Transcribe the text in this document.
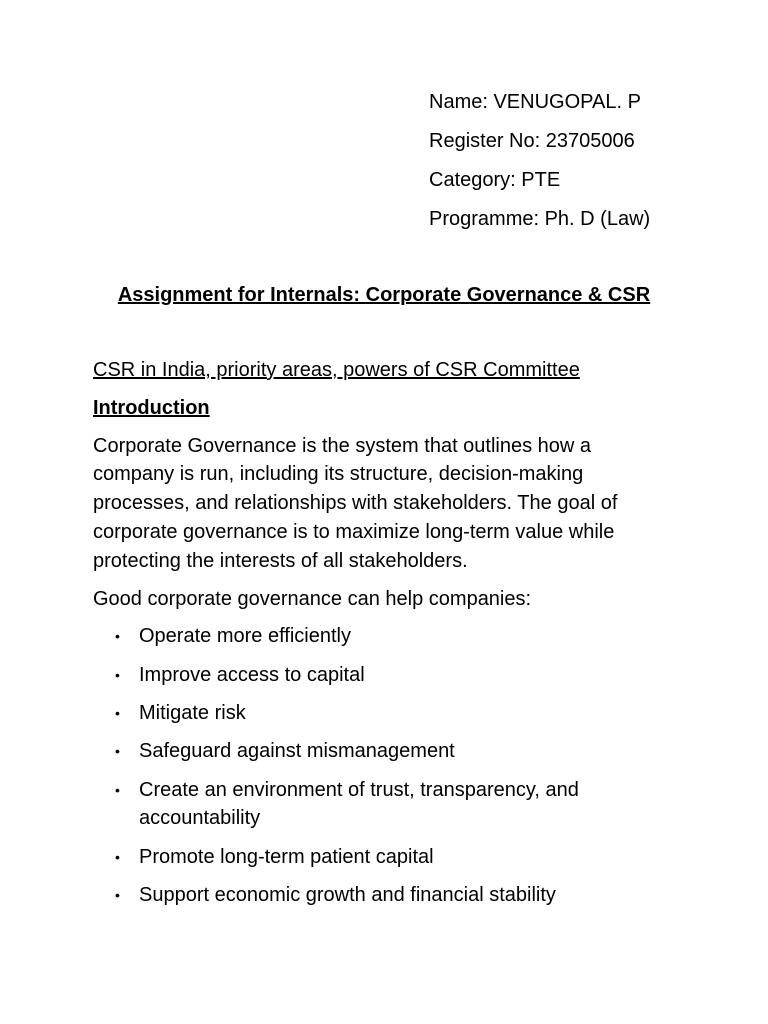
Name: VENUGOPAL. P
Register No: 23705006
Category: PTE
Programme: Ph. D (Law)
Assignment for Internals: Corporate Governance & CSR
CSR in India, priority areas, powers of CSR Committee
Introduction

Corporate Governance is the system that outlines how a company is run, including its structure, decision-making processes, and relationships with stakeholders. The goal of corporate governance is to maximize long-term value while protecting the interests of all stakeholders.

Good corporate governance can help companies:

• Operate more efficiently
• Improve access to capital
• Mitigate risk
• Safeguard against mismanagement
• Create an environment of trust, transparency, and accountability
• Promote long-term patient capital
• Support economic growth and financial stability
